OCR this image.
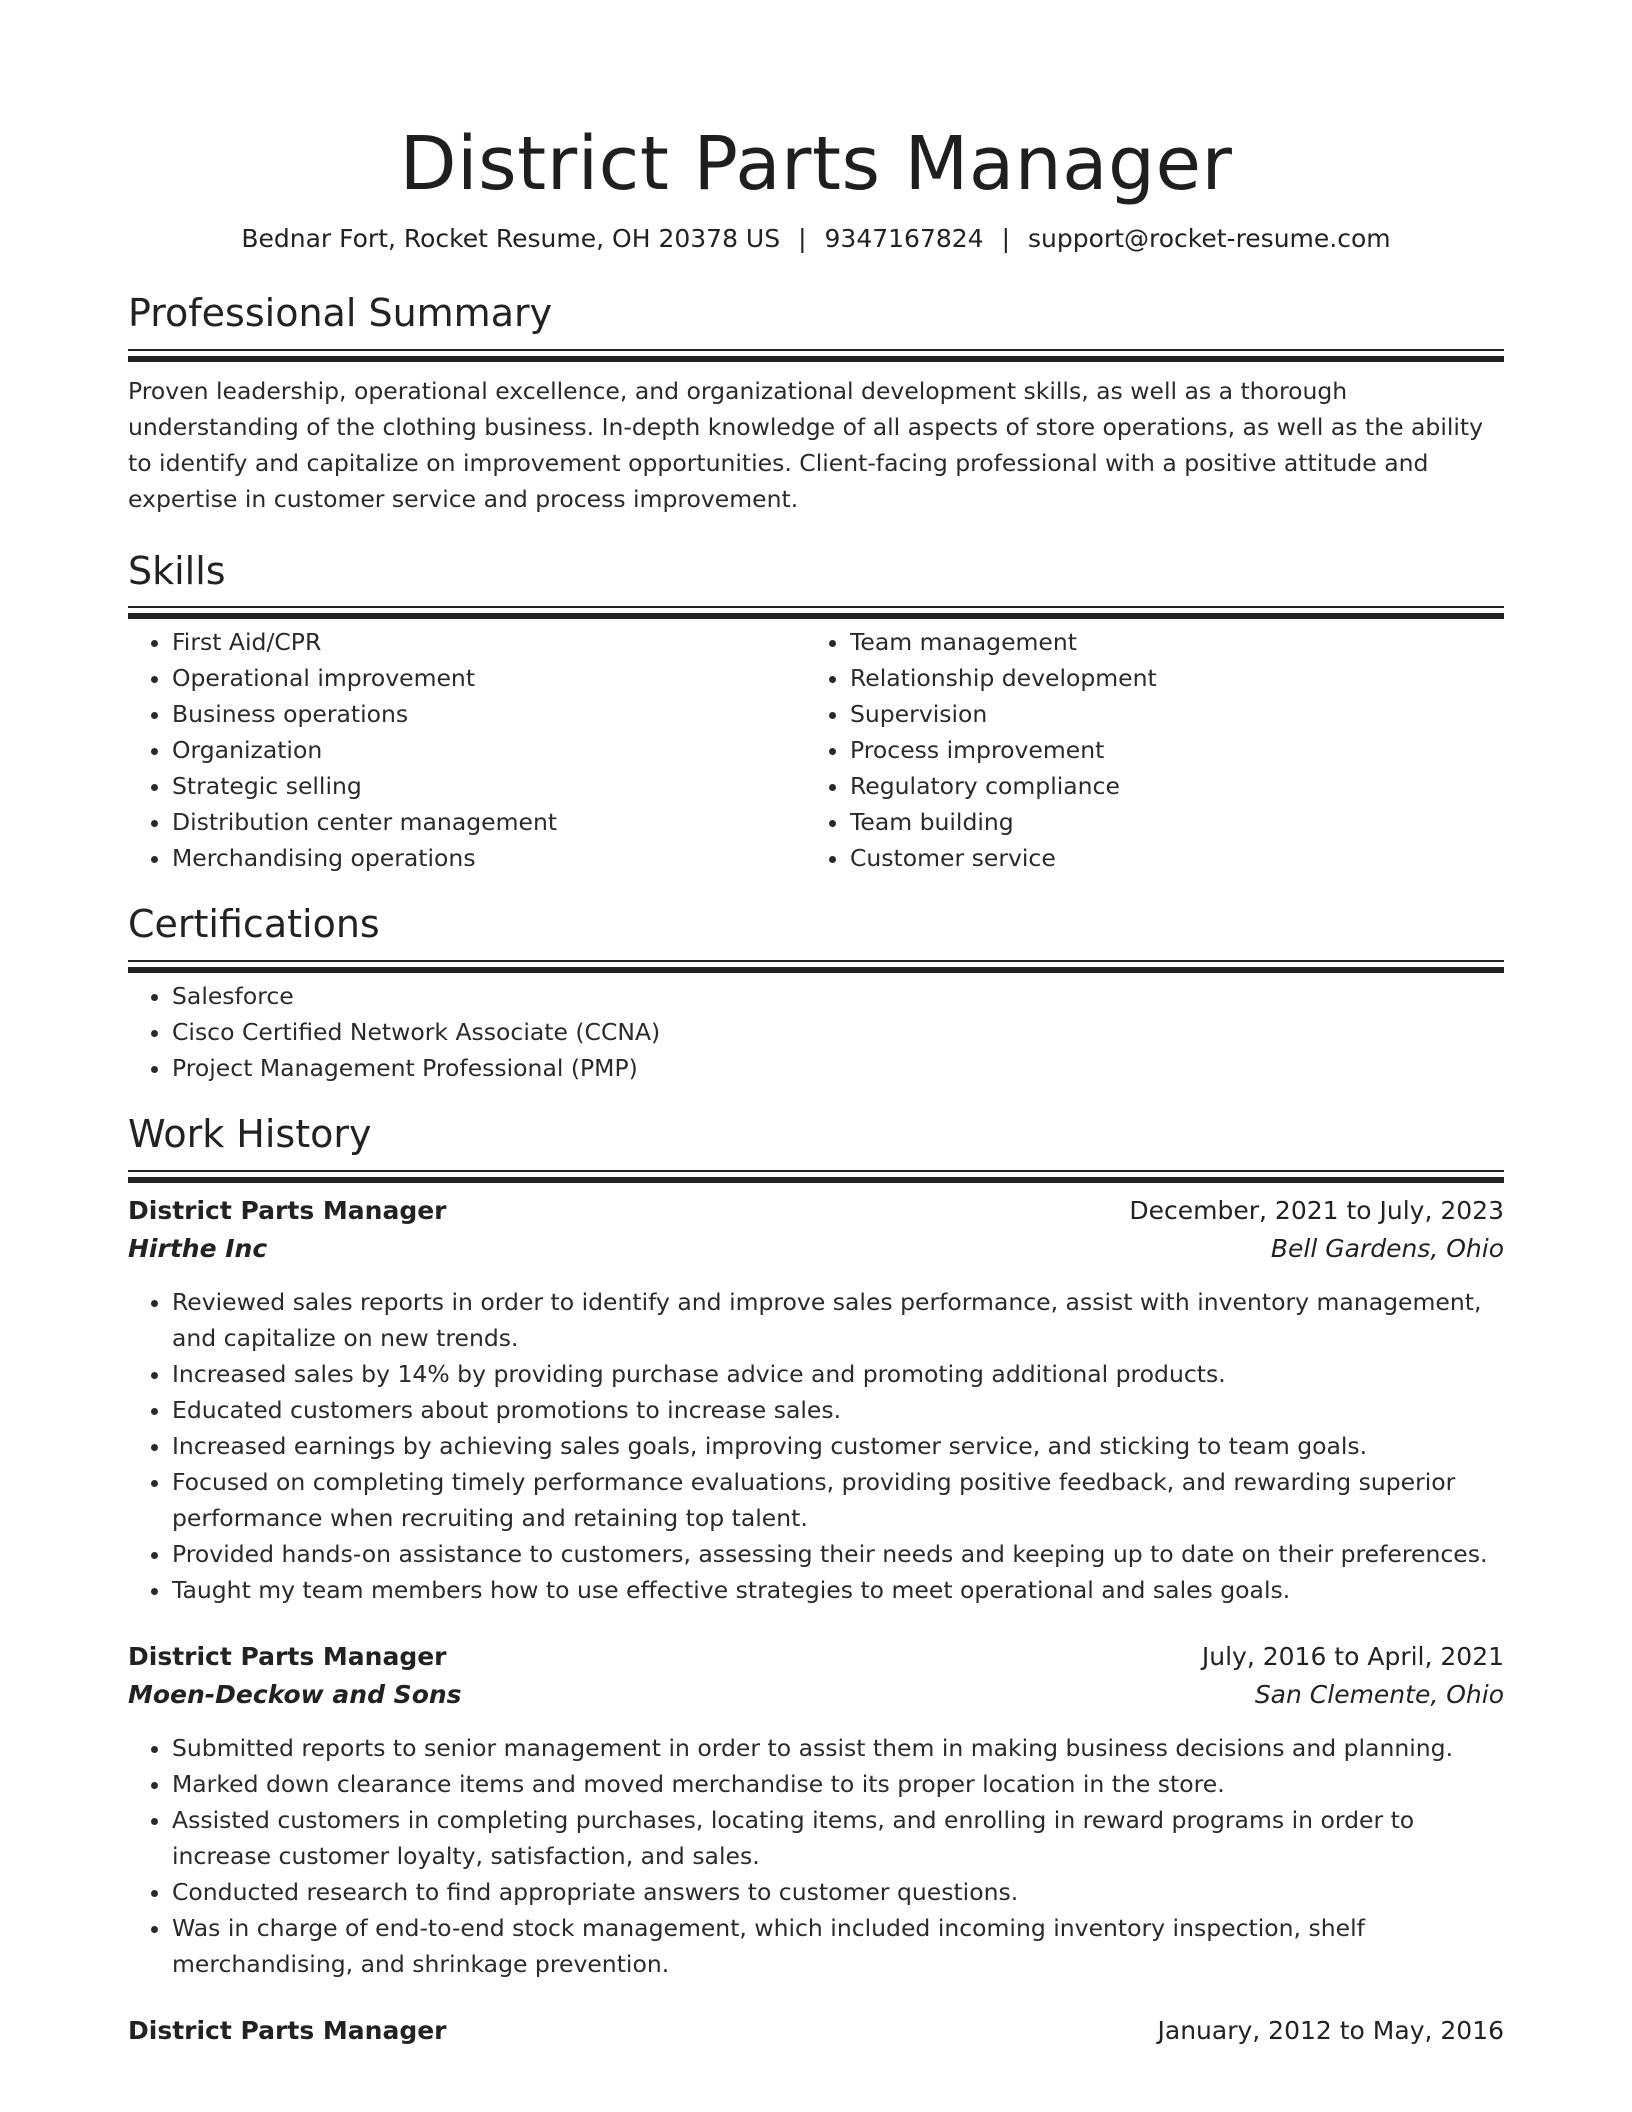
District Parts Manager
Bednar Fort, Rocket Resume, OH 20378 US | 9347167824 | support@rocket-resume.com
Professional Summary

Proven leadership, operational excellence, and organizational development skills, as well as a thorough understanding of the clothing business. In-depth knowledge of all aspects of store operations, as well as the ability to identify and capitalize on improvement opportunities. Client-facing professional with a positive attitude and expertise in customer service and process improvement.

Skills
• First Aid/CPR
• Operational improvement
• Business operations
• Organization
• Strategic selling
• Distribution center management
• Merchandising operations
• Team management
• Relationship development
• Supervision
• Process improvement
• Regulatory compliance
• Team building
• Customer service
Certifications
• Salesforce
• Cisco Certified Network Associate (CCNA)
• Project Management Professional (PMP)
Work History
District Parts Manager	December, 2021 to July, 2023
Hirthe Inc	Bell Gardens, Ohio
• Reviewed sales reports in order to identify and improve sales performance, assist with inventory management, and capitalize on new trends.
• Increased sales by 14% by providing purchase advice and promoting additional products.
• Educated customers about promotions to increase sales.
• Increased earnings by achieving sales goals, improving customer service, and sticking to team goals.
• Focused on completing timely performance evaluations, providing positive feedback, and rewarding superior performance when recruiting and retaining top talent.
• Provided hands-on assistance to customers, assessing their needs and keeping up to date on their preferences.
• Taught my team members how to use effective strategies to meet operational and sales goals.
District Parts Manager	July, 2016 to April, 2021
Moen-Deckow and Sons	San Clemente, Ohio
• Submitted reports to senior management in order to assist them in making business decisions and planning.
• Marked down clearance items and moved merchandise to its proper location in the store.
• Assisted customers in completing purchases, locating items, and enrolling in reward programs in order to increase customer loyalty, satisfaction, and sales.
• Conducted research to find appropriate answers to customer questions.
• Was in charge of end-to-end stock management, which included incoming inventory inspection, shelf merchandising, and shrinkage prevention.
District Parts Manager	January, 2012 to May, 2016
